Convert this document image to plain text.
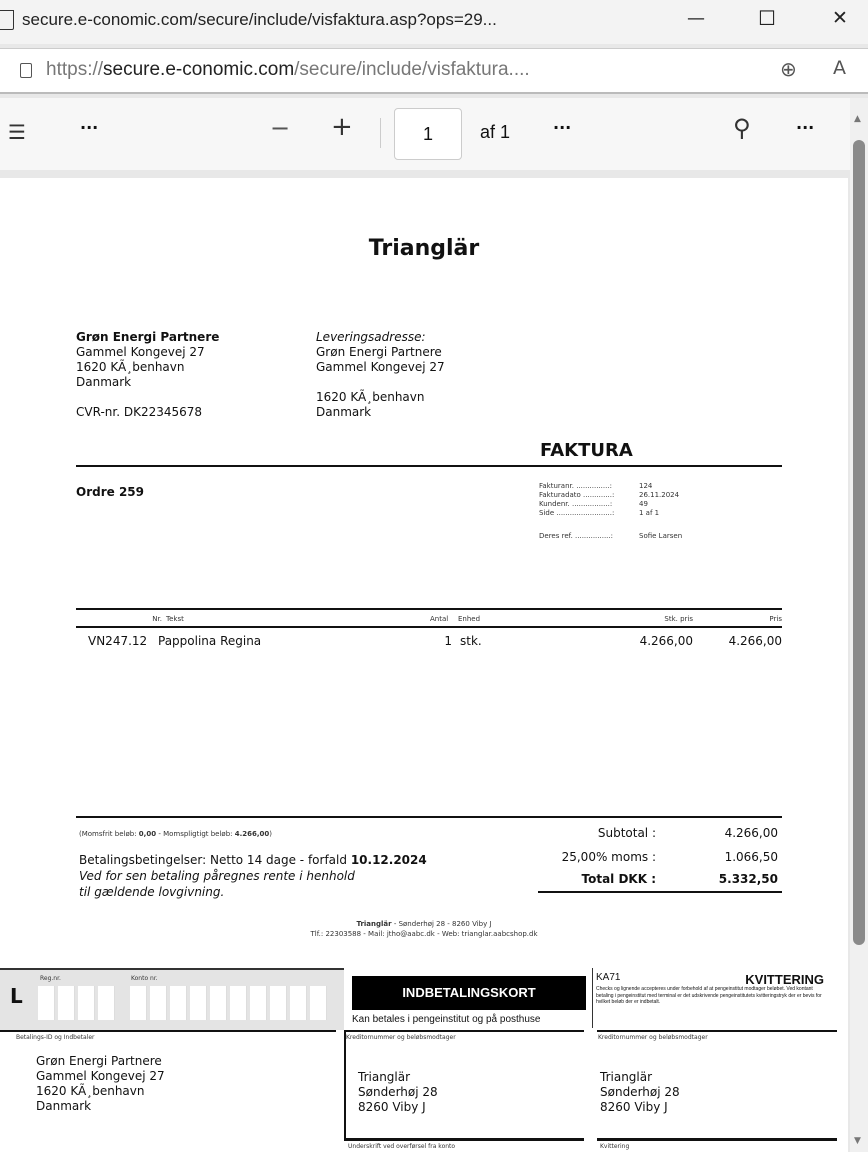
secure.e-conomic.com/secure/include/visfaktura.asp?ops=29...	—	☐	✕
https://secure.e-conomic.com/secure/include/visfaktura....	⊕ A
☰	···	− +	1	af 1	···	⚲	···	▲
▼
Trianglär
Grøn Energi Partnere
Gammel Kongevej 27
1620 KÃ¸benhavn
Danmark
CVR-nr. DK22345678
Leveringsadresse:
Grøn Energi Partnere
Gammel Kongevej 27
1620 KÃ¸benhavn
Danmark
FAKTURA
Ordre 259	Fakturanr. ...............:	124
Fakturadato .............:	26.11.2024
Kundenr. .................:	49
Side .........................:	1 af 1
Deres ref. ................:	Sofie Larsen
Nr. Tekst	Antal Enhed	Stk. pris	Pris
VN247.12 Pappolina Regina	1 stk.	4.266,00	4.266,00
(Momsfrit beløb: 0,00 - Momspligtigt beløb: 4.266,00)
Betalingsbetingelser: Netto 14 dage - forfald 10.12.2024
Ved for sen betaling påregnes rente i henhold
til gældende lovgivning.
Subtotal :	4.266,00
25,00% moms :	1.066,50
Total DKK :	5.332,50
Trianglär - Sønderhøj 28 - 8260 Viby J
Tlf.: 22303588 - Mail: jtho@aabc.dk - Web: trianglar.aabcshop.dk
L
Reg.nr.	Konto nr.
INDBETALINGSKORT
Kan betales i pengeinstitut og på posthuse
KA71	KVITTERING
Checks og lignende accepteres under forbehold af at pengeinstitut modtager beløbet. Ved kontant betaling i pengeinstitut med terminal er det udskrivende pengeinstitutets kvitteringstryk der er bevis for hvilket beløb der er indbetalt.
Betalings-ID og Indbetaler	Kreditornummer og beløbsmodtager	Kreditornummer og beløbsmodtager
Grøn Energi Partnere
Gammel Kongevej 27
1620 KÃ¸benhavn
Danmark
Trianglär
Sønderhøj 28
8260 Viby J
Trianglär
Sønderhøj 28
8260 Viby J
Underskrift ved overførsel fra konto	Kvittering
